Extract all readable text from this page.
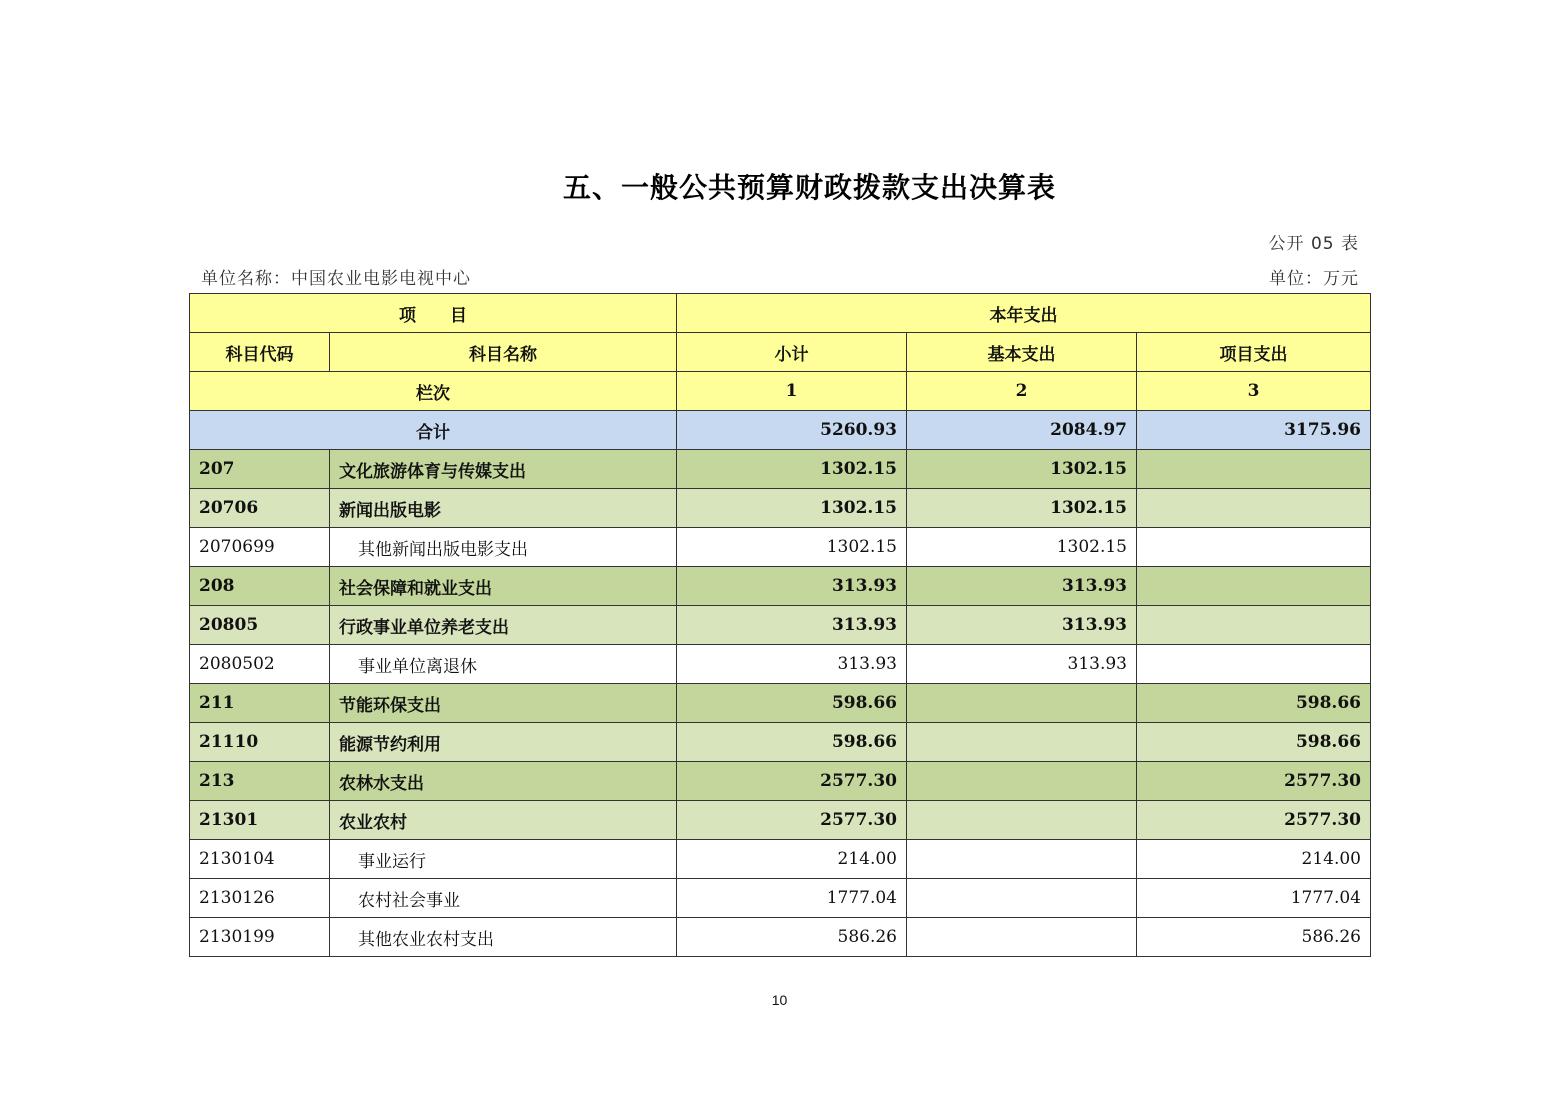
五、一般公共预算财政拨款支出决算表
公开 05 表
单位名称：中国农业电影电视中心	单位：万元
项　　目		本年支出		
科目代码	科目名称	小计	基本支出	项目支出
栏次		1	2	3
合计		5260.93	2084.97	3175.96
207	文化旅游体育与传媒支出	1302.15	1302.15	
20706	新闻出版电影	1302.15	1302.15	
2070699	其他新闻出版电影支出	1302.15	1302.15	
208	社会保障和就业支出	313.93	313.93	
20805	行政事业单位养老支出	313.93	313.93	
2080502	事业单位离退休	313.93	313.93	
211	节能环保支出	598.66		598.66
21110	能源节约利用	598.66		598.66
213	农林水支出	2577.30		2577.30
21301	农业农村	2577.30		2577.30
2130104	事业运行	214.00		214.00
2130126	农村社会事业	1777.04		1777.04
2130199	其他农业农村支出	586.26		586.26
10
